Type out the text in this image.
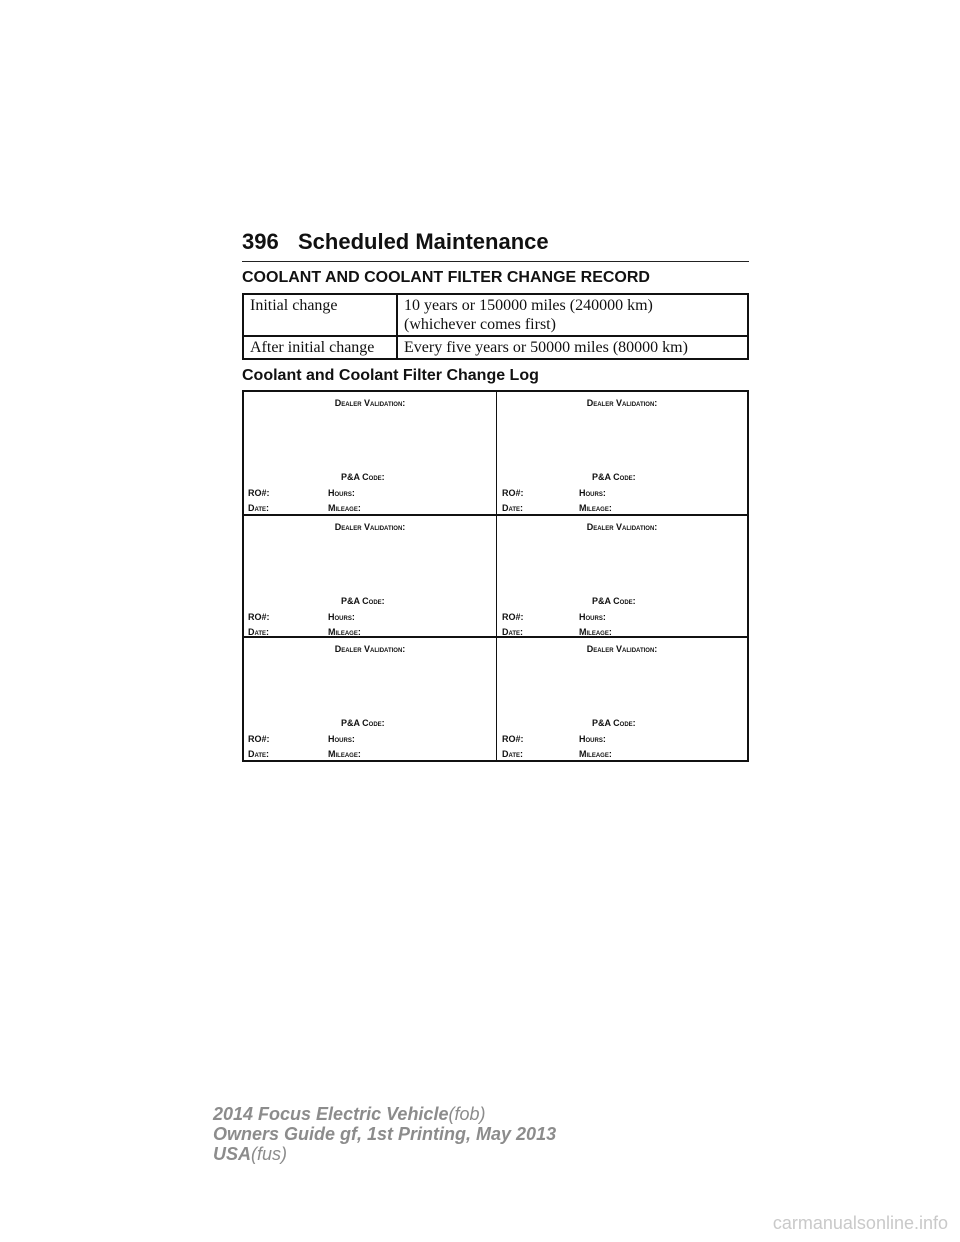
396 Scheduled Maintenance
COOLANT AND COOLANT FILTER CHANGE RECORD
Initial change	10 years or 150000 miles (240000 km)
(whichever comes first)

After initial change	Every five years or 50000 miles (80000 km)
Coolant and Coolant Filter Change Log
Dealer Validation:
P&A Code:
RO#:	Hours:
Date:	Mileage:
Dealer Validation:
P&A Code:
RO#:	Hours:
Date:	Mileage:
Dealer Validation:
P&A Code:
RO#:	Hours:
Date:	Mileage:
Dealer Validation:
P&A Code:
RO#:	Hours:
Date:	Mileage:
Dealer Validation:
P&A Code:
RO#:	Hours:
Date:	Mileage:
Dealer Validation:
P&A Code:
RO#:	Hours:
Date:	Mileage:
2014 Focus Electric Vehicle(fob)
Owners Guide gf, 1st Printing, May 2013
USA(fus)
carmanualsonline.info
